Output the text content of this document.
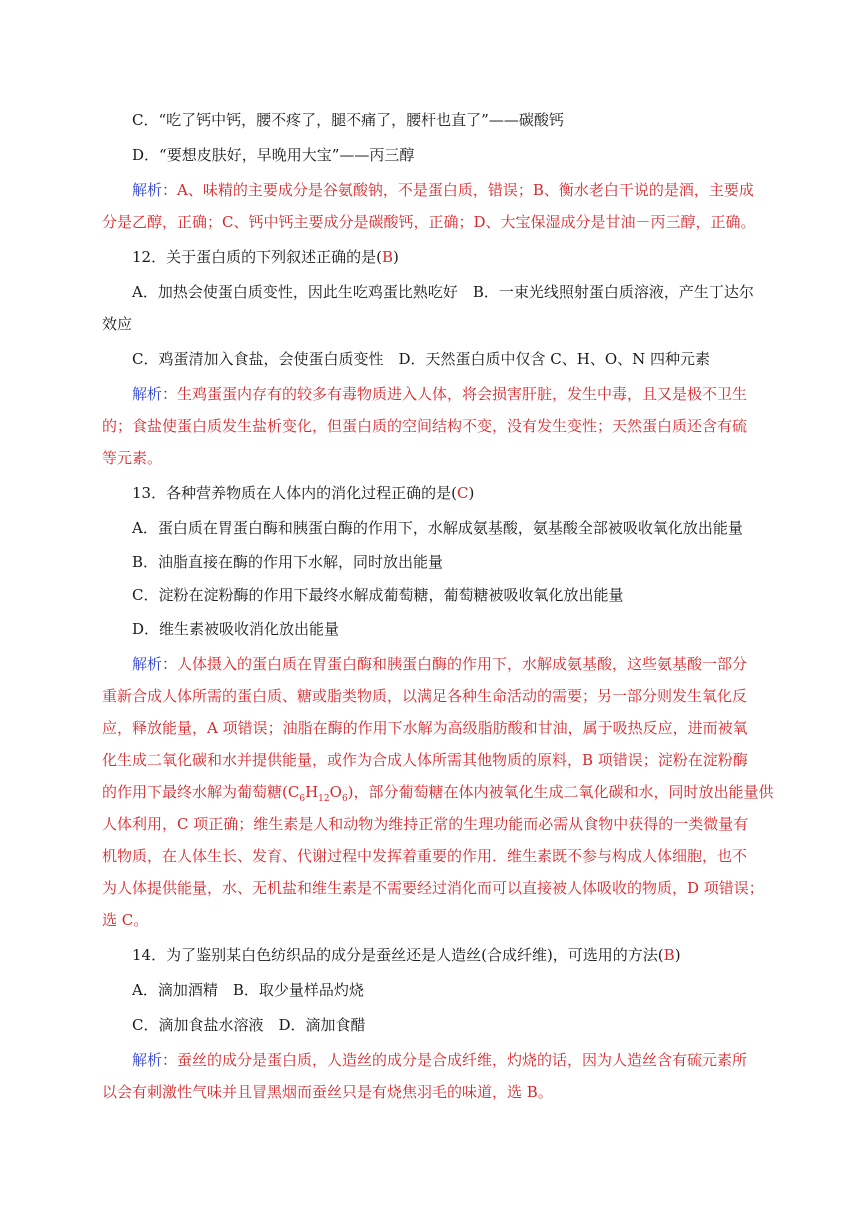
C．“吃了钙中钙，腰不疼了，腿不痛了，腰杆也直了”——碳酸钙
D．“要想皮肤好，早晚用大宝”——丙三醇
解析：A、味精的主要成分是谷氨酸钠，不是蛋白质，错误；B、衡水老白干说的是酒，主要成
分是乙醇，正确；C、钙中钙主要成分是碳酸钙，正确；D、大宝保湿成分是甘油－丙三醇，正确。
12．关于蛋白质的下列叙述正确的是(B)
A．加热会使蛋白质变性，因此生吃鸡蛋比熟吃好　B．一束光线照射蛋白质溶液，产生丁达尔
效应
C．鸡蛋清加入食盐，会使蛋白质变性　D．天然蛋白质中仅含 C、H、O、N 四种元素
解析：生鸡蛋蛋内存有的较多有毒物质进入人体，将会损害肝脏，发生中毒，且又是极不卫生
的；食盐使蛋白质发生盐析变化，但蛋白质的空间结构不变，没有发生变性；天然蛋白质还含有硫
等元素。
13．各种营养物质在人体内的消化过程正确的是(C)
A．蛋白质在胃蛋白酶和胰蛋白酶的作用下，水解成氨基酸，氨基酸全部被吸收氧化放出能量
B．油脂直接在酶的作用下水解，同时放出能量
C．淀粉在淀粉酶的作用下最终水解成葡萄糖，葡萄糖被吸收氧化放出能量
D．维生素被吸收消化放出能量
解析：人体摄入的蛋白质在胃蛋白酶和胰蛋白酶的作用下，水解成氨基酸，这些氨基酸一部分
重新合成人体所需的蛋白质、糖或脂类物质，以满足各种生命活动的需要；另一部分则发生氧化反
应，释放能量，A 项错误；油脂在酶的作用下水解为高级脂肪酸和甘油，属于吸热反应，进而被氧
化生成二氧化碳和水并提供能量，或作为合成人体所需其他物质的原料，B 项错误；淀粉在淀粉酶
的作用下最终水解为葡萄糖$(C_6H_{12}O_6)$，部分葡萄糖在体内被氧化生成二氧化碳和水，同时放出能量供
人体利用，C 项正确；维生素是人和动物为维持正常的生理功能而必需从食物中获得的一类微量有
机物质，在人体生长、发育、代谢过程中发挥着重要的作用．维生素既不参与构成人体细胞，也不
为人体提供能量，水、无机盐和维生素是不需要经过消化而可以直接被人体吸收的物质，D 项错误；
选 C。
14．为了鉴别某白色纺织品的成分是蚕丝还是人造丝(合成纤维)，可选用的方法(B)
A．滴加酒精　B．取少量样品灼烧
C．滴加食盐水溶液　D．滴加食醋
解析：蚕丝的成分是蛋白质，人造丝的成分是合成纤维，灼烧的话，因为人造丝含有硫元素所
以会有刺激性气味并且冒黑烟而蚕丝只是有烧焦羽毛的味道，选 B。
